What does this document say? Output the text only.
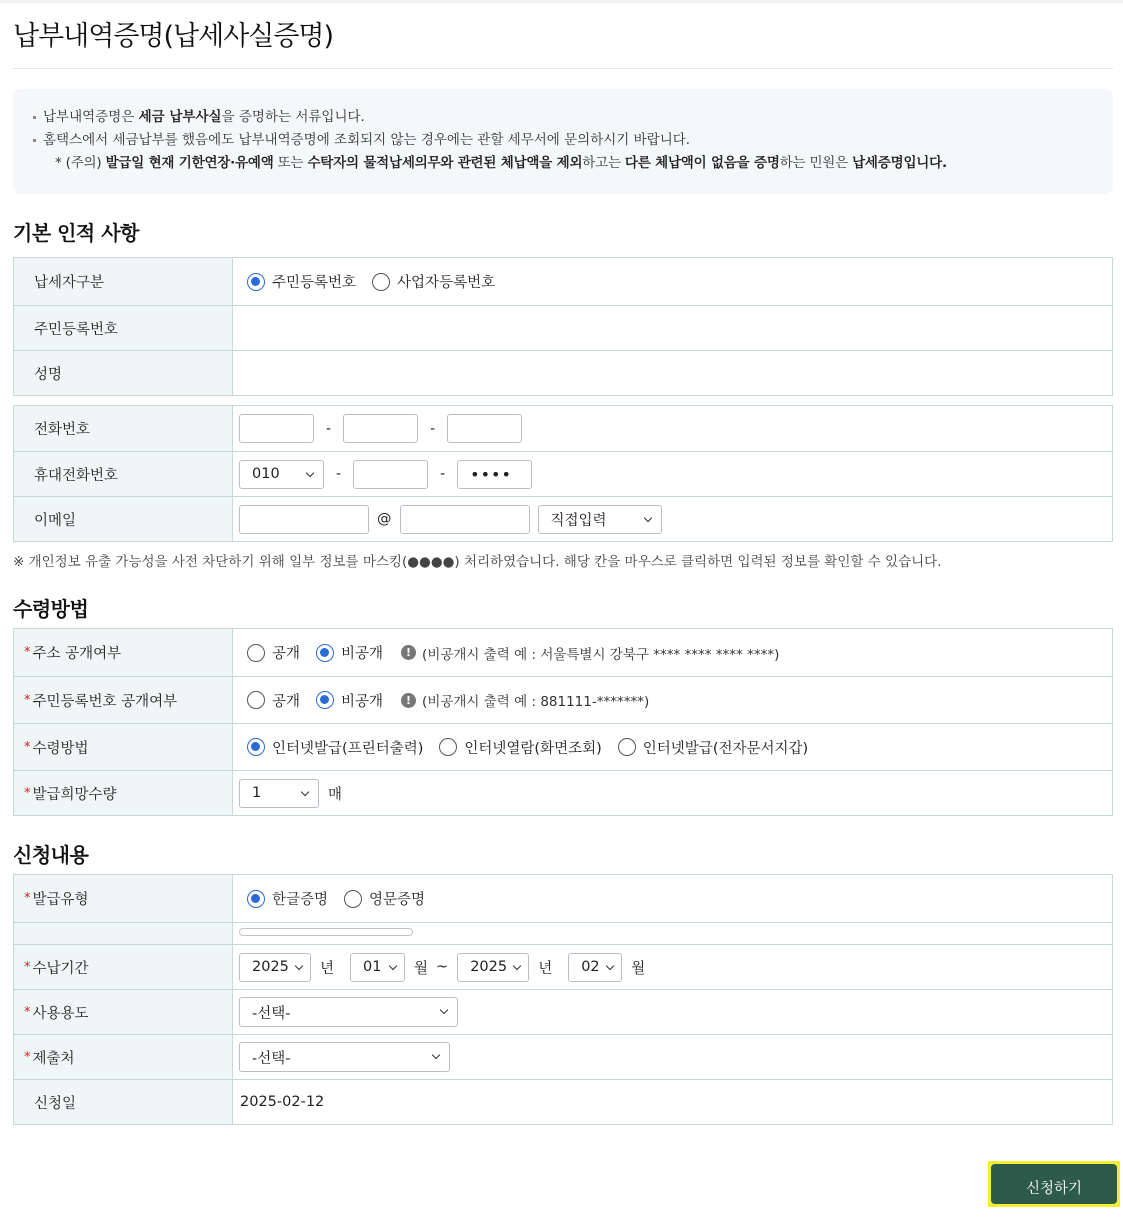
납부내역증명(납세사실증명)
납부내역증명은 세금 납부사실을 증명하는 서류입니다.
홈택스에서 세금납부를 했음에도 납부내역증명에 조회되지 않는 경우에는 관할 세무서에 문의하시기 바랍니다.
* (주의) 발급일 현재 기한연장·유예액 또는 수탁자의 물적납세의무와 관련된 체납액을 제외하고는 다른 체납액이 없음을 증명하는 민원은 납세증명입니다.
기본 인적 사항
납세자구분	주민등록번호	사업자등록번호
주민등록번호
성명
전화번호	-	-
휴대전화번호	010	-	-	••••
이메일	@	직접입력
※ 개인정보 유출 가능성을 사전 차단하기 위해 일부 정보를 마스킹(●●●●) 처리하였습니다. 해당 칸을 마우스로 클릭하면 입력된 정보를 확인할 수 있습니다.
수령방법
* 주소 공개여부	공개	비공개	! (비공개시 출력 예 : 서울특별시 강북구 **** **** **** ****)
* 주민등록번호 공개여부	공개	비공개	! (비공개시 출력 예 : 881111-*******)
* 수령방법	인터넷발급(프린터출력)	인터넷열람(화면조회)	인터넷발급(전자문서지갑)
* 발급희망수량	1	매
신청내용
* 발급유형	한글증명	영문증명
* 수납기간	2025 년 01 월 ~ 2025 년 02 월
* 사용용도	-선택-
* 제출처	-선택-
신청일	2025-02-12
신청하기
